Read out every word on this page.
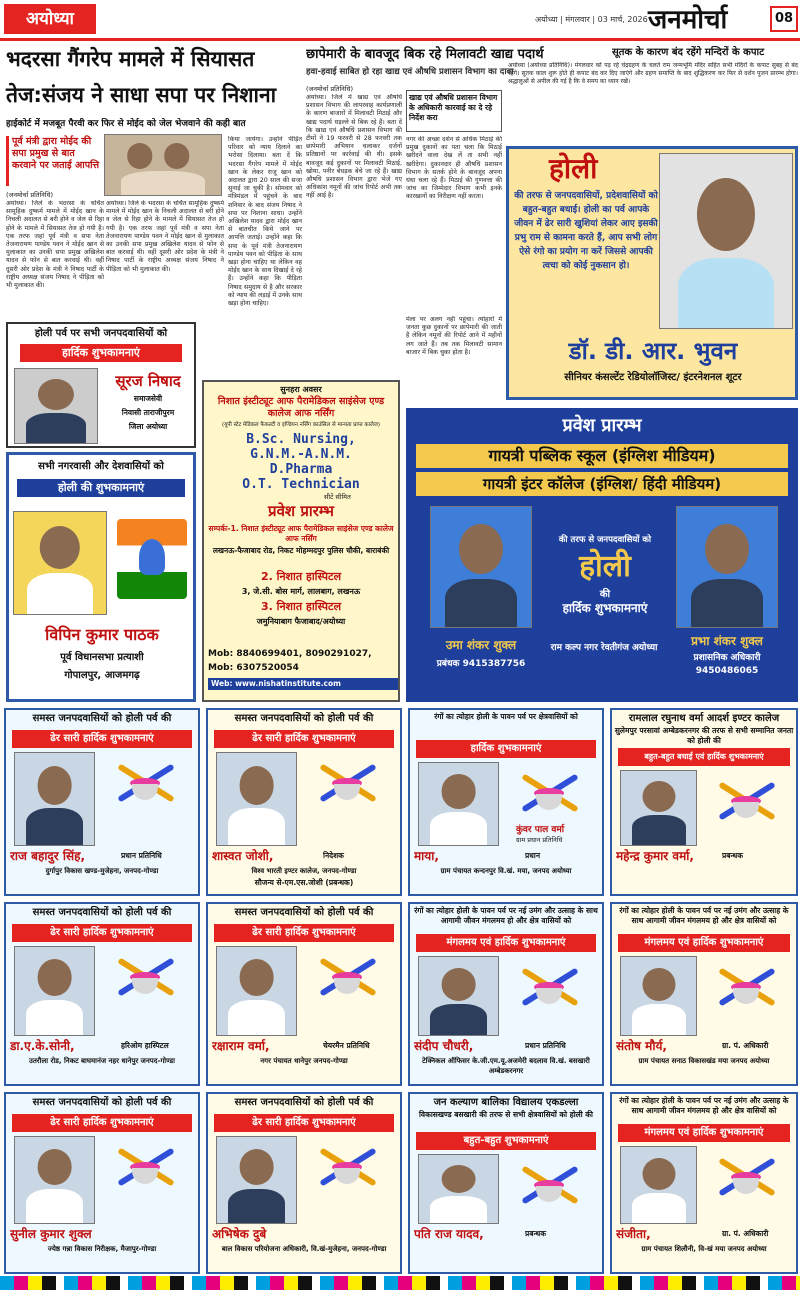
अयोध्या	अयोध्या | मंगलवार | 03 मार्च, 2026 जनमोर्चा	08
भदरसा गैंगरेप मामले में सियासत
तेज:संजय ने साधा सपा पर निशाना
हाईकोर्ट में मजबूत पैरवी कर फिर से मोईद को जेल भेजवाने की कही बात
पूर्व मंत्री द्वारा मोईद की सपा प्रमुख से बात करवाने पर जताई आपत्ति
(जनमोर्चा प्रतिनिधि)
अयोध्या। जिले के भदरसा के चर्चित सामूहिक दुष्कर्म मामले में मोईद खान के निचली अदालत से बरी होने व जेल से रिहा होने के मामले में सियासत तेज हो गयी है। एक तरफ जहां पूर्व मंत्री व सपा नेता तेजनारायण पाण्डेय पवन ने मोईद खान से मुलाकात का उनकी सपा प्रमुख अखिलेश यादव से फोन से बात करवाई थी। वहीं दूसरी ओर प्रदेश के मंत्री ने निषाद पार्टी के राष्ट्रीय अध्यक्ष संजय निषाद ने पीड़िता को भी मुलाकात की।
किया जायेगा। उन्होंने पीड़ित परिवार को न्याय दिलाने का भरोसा दिलाया। बता दें कि भदरसा गैंगरेप मामले में मोईद खान के लेकर राजू खान को अदालत द्वारा 20 साल की सजा सुनाई जा चुकी है। सोमवार को मंत्रिमंडल में पहुंचने के बाद शनिवार के बाद संजय निषाद ने सपा पर निशाना साधा। उन्होंने अखिलेश यादव द्वारा मोईद खान से बातचीत किये जाने पर आपत्ति जताई। उन्होंने कहा कि सपा के पूर्व मंत्री तेजनारायण पाण्डेय पवन को पीड़िता के साथ खड़ा होना चाहिए था लेकिन वह मोईद खान के साथ दिखाई दे रहे हैं। उन्होंने कहा कि पीड़िता निषाद समुदाय से है और सरकार को न्याय की लड़ाई में उनके साथ खड़ा होना चाहिए।
अयोध्या। जिले के भदरसा के चर्चित सामूहिक दुष्कर्म मामले में मोईद खान के निचली अदालत से बरी होने व जेल से रिहा होने के मामले में सियासत तेज हो गयी है। एक तरफ जहां पूर्व मंत्री व सपा नेता तेजनारायण पाण्डेय पवन ने मोईद खान से मुलाकात का उनकी सपा प्रमुख अखिलेश यादव से फोन से बात करवाई थी। वहीं दूसरी ओर प्रदेश के मंत्री ने निषाद पार्टी के राष्ट्रीय अध्यक्ष संजय निषाद ने पीड़िता को भी मुलाकात की।
छापेमारी के बावजूद बिक रहे मिलावटी खाद्य पदार्थ
हवा-हवाई साबित हो रहा खाद्य एवं औषधि प्रशासन विभाग का दावा
(जनमोर्चा प्रतिनिधि)
अयोध्या। जिले में खाद्य एवं औषधि प्रशासन विभाग की लापरवाह कार्यप्रणाली के कारण बाजारों में मिलावटी मिठाई और खाद्य पदार्थ धड़ल्ले से बिक रहे हैं। बता दें कि खाद्य एवं औषधि प्रशासन विभाग की टीमों ने 19 फरवरी से 28 फरवरी तक छापेमारी अभियान चलाकर दर्जनों प्रतिष्ठानों पर कार्रवाई की थी। इसके बावजूद कई दुकानों पर मिलावटी मिठाई, खोया, पनीर बेधड़क बेचे जा रहे हैं। खाद्य औषधि प्रशासन विभाग द्वारा भेजे गए अधिकांश नमूनों की जांच रिपोर्ट अभी तक नहीं आई है।
खाद्य एवं औषधि प्रशासन विभाग के अधिकारी कारवाई का दे रहे निर्देश करा
नगर की अच्छा दर्शन से अधिक मिठाई की प्रमुख दुकानों का पता चला कि मिठाई खरीदने वाला देख लें ता सभी नहीं खरीदेगा। दुकानदार ही औषधि प्रशासन विभाग के सतर्क होने के बावजूद अपना धंधा चला रहे हैं। मिठाई की गुणवत्ता की जांच का जिम्मेदार विभाग कभी इनके कारखानों का निरीक्षण नहीं करता।
मेला पर अलग नहीं पहुंचा। त्योहारों में जनता कुछ दुकानों पर छापेमारी की जाती है लेकिन नमूनों की रिपोर्ट आने में महीनों लग जाते हैं। तब तक मिलावटी सामान बाजार में बिक चुका होता है।
सूतक के कारण बंद रहेंगे मन्दिरों के कपाट
अयोध्या (अयोध्या प्रतिनिधि)। मंगलवार को पड़ रहे चंद्रग्रहण के चलते राम जन्मभूमि मंदिर सहित सभी मंदिरों के कपाट सुबह से बंद रहेंगे। सूतक काल शुरू होते ही कपाट बंद कर दिए जाएंगे और ग्रहण समाप्ति के बाद शुद्धिकरण कर फिर से दर्शन पूजन प्रारम्भ होगा। श्रद्धालुओं से अपील की गई है कि वे समय का ध्यान रखें।
होली
की तरफ से जनपदवासियों, प्रदेशवासियों को बहुत-बहुत बधाई। होली का पर्व आपके जीवन में ढेर सारी खुशियां लेकर आए इसकी प्रभु राम से कामना करते हैं, आप सभी लोग ऐसे रंगो का प्रयोग ना करें जिससे आपकी त्वचा को कोई नुकसान हो।
डॉ. डी. आर. भुवन
सीनियर कंसल्टेंट रेडियोलॉजिस्ट/ इंटरनेशनल शूटर
होली पर्व पर सभी जनपदवासियों को
हार्दिक शुभकामनाएं
सूरज निषाद
समाजसेवी
निवासी ताराजीपुरम
जिला अयोध्या
सभी नगरवासी और देशवासियों को
होली की शुभकामनाएं
विपिन कुमार पाठक
पूर्व विधानसभा प्रत्याशी
गोपालपुर, आजमगढ़
सुनहरा अवसर
निशात इंस्टीट्यूट आफ पैरामेडिकल साइंसेज एण्ड कालेज आफ नर्सिंग
(यूपी स्टेट मेडिकल फैकल्टी व इण्डियन नर्सिंग काउंसिल से मान्यता प्राप्त कालेज)
B.Sc. Nursing,
G.N.M.-A.N.M.
D.Pharma
O.T. Technician
सीटें सीमित
प्रवेश प्रारम्भ
सम्पर्कः-1. निशात इंस्टीट्यूट आफ पैरामेडिकल साइंसेज एण्ड कालेज आफ नर्सिंग
लखनऊ-फैजाबाद रोड, निकट मोहम्मदपुर पुलिस चौकी, बाराबंकी
2. निशात हास्पिटल
3, जे.सी. बोस मार्ग, लालबाग, लखनऊ
3. निशात हास्पिटल
जमुनियाबाग फैजाबाद/अयोध्या
Mob: 8840699401, 8090291027,
Mob: 6307520054
Web: www.nishatinstitute.com
प्रवेश प्रारम्भ
गायत्री पब्लिक स्कूल (इंग्लिश मीडियम)
गायत्री इंटर कॉलेज (इंग्लिश/ हिंदी मीडियम)
की तरफ से जनपदवासियों को
होली
की
हार्दिक शुभकामनाएं
उमा शंकर शुक्ल
प्रबंधक 9415387756
राम कल्प नगर रेवतीगंज अयोध्या	प्रभा शंकर शुक्ल
प्रशासनिक अधिकारी
9450486065
समस्त जनपदवासियों को होली पर्व की
ढेर सारी हार्दिक शुभकामनाएं
राज बहादुर सिंह,	प्रधान प्रतिनिधि
दुर्गापुर विकास खण्ड-मुजेहना, जनपद-गोण्डा
समस्त जनपदवासियों को होली पर्व की
ढेर सारी हार्दिक शुभकामनाएं
शास्वत जोशी,	निदेशक
विश्व भारती इण्टर कालेज, जनपद-गोण्डा
सौजन्य से-एम.एस.जोशी (प्रबन्धक)
रंगों का त्योहार होली के पावन पर्व पर क्षेत्रवासियों को
हार्दिक शुभकामनाएं
माया,	प्रधान
कुंवर पाल वर्मा
ग्राम प्रधान प्रतिनिधि
ग्राम पंचायत कन्दनपुर वि.खं. मया, जनपद अयोध्या
रामलाल रघुनाथ वर्मा आदर्श इण्टर कालेज
सुलेमपुर परसावां अम्बेडकरनगर की तरफ से सभी सम्मानित जनता को होली की
बहुत-बहुत बधाई एवं हार्दिक शुभकामनाएं
महेन्द्र कुमार वर्मा,	प्रबन्धक
समस्त जनपदवासियों को होली पर्व की
ढेर सारी हार्दिक शुभकामनाएं
डा.ए.के.सोनी,	हरिओम हास्पिटल
उतरौला रोड, निकट बाघमानंज नहर धानेपुर जनपद-गोण्डा
समस्त जनपदवासियों को होली पर्व की
ढेर सारी हार्दिक शुभकामनाएं
रक्षाराम वर्मा,	चेयरमैन प्रतिनिधि
नगर पंचायत धानेपुर जनपद-गोण्डा
रंगों का त्योहार होली के पावन पर्व पर नई उमंग और उत्साह के साथ आगामी जीवन मंगलमय हो और क्षेत्र वासियों को
मंगलमय एवं हार्दिक शुभकामनाएं
संदीप चौधरी,	प्रधान प्रतिनिधि
टेक्निकल ऑफिसर के.जी.एम.यू.अजमेरी बदलाव वि.खं. बसखारी अम्बेडकरनगर
रंगों का त्योहार होली के पावन पर्व पर नई उमंग और उत्साह के साथ आगामी जीवन मंगलमय हो और क्षेत्र वासियों को
मंगलमय एवं हार्दिक शुभकामनाएं
संतोष मौर्य,	ग्रा. पं. अधिकारी
ग्राम पंचायत सनाठ विकासखंड मया जनपद अयोध्या
समस्त जनपदवासियों को होली पर्व की
ढेर सारी हार्दिक शुभकामनाएं
सुनील कुमार शुक्ल
ज्येष्ठ गन्ना विकास निरीक्षक, मैजापुर-गोण्डा
समस्त जनपदवासियों को होली पर्व की
ढेर सारी हार्दिक शुभकामनाएं
अभिषेक दुबे
बाल विकास परियोजना अधिकारी, वि.खं-मुजेहना, जनपद-गोण्डा
जन कल्याण बालिका विद्यालय एकडल्ला
विकासखण्ड बसखारी की तरफ से सभी क्षेत्रवासियों को होली की
बहुत-बहुत शुभकामनाएं
पति राज यादव,	प्रबन्धक
रंगों का त्योहार होली के पावन पर्व पर नई उमंग और उत्साह के साथ आगामी जीवन मंगलमय हो और क्षेत्र वासियों को
मंगलमय एवं हार्दिक शुभकामनाएं
संजीता,	ग्रा. पं. अधिकारी
ग्राम पंचायत शिलौनी, वि-खं मया जनपद अयोध्या
